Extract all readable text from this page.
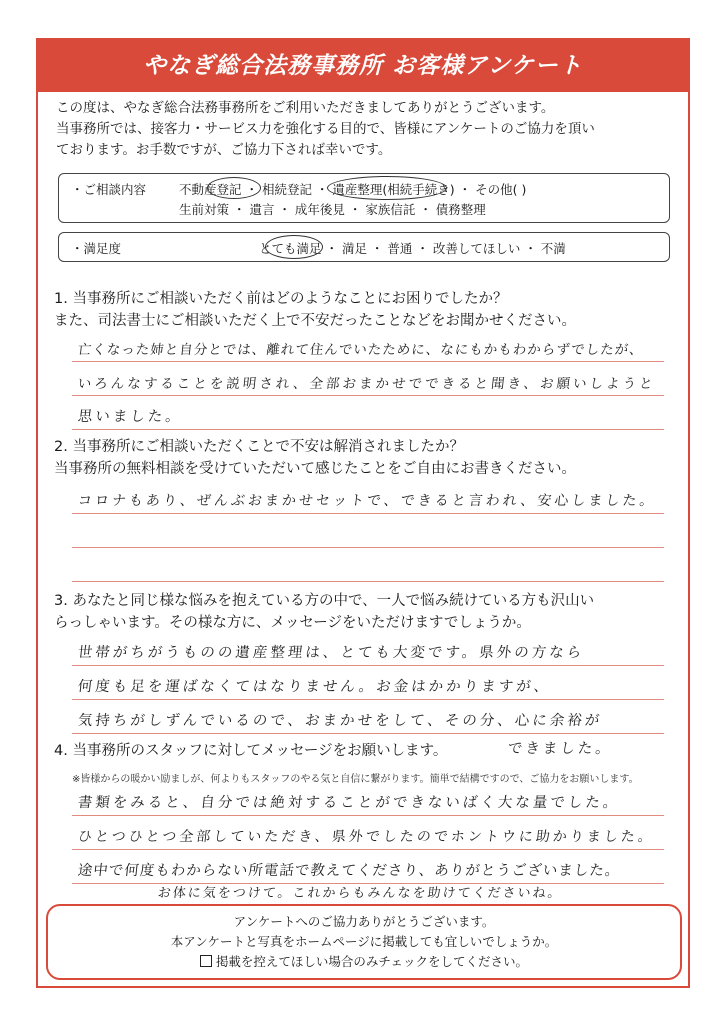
やなぎ総合法務事務所 お客様アンケート
この度は、やなぎ総合法務事務所をご利用いただきましてありがとうございます。
当事務所では、接客力・サービス力を強化する目的で、皆様にアンケートのご協力を頂い
ております。お手数ですが、ご協力下されば幸いです。
・ご相談内容	不動産登記 ・ 相続登記 ・ 遺産整理(相続手続き) ・ その他( )
生前対策 ・ 遺言 ・ 成年後見 ・ 家族信託 ・ 債務整理
・満足度	とても満足 ・ 満足 ・ 普通 ・ 改善してほしい ・ 不満
1. 当事務所にご相談いただく前はどのようなことにお困りでしたか？
また、司法書士にご相談いただく上で不安だったことなどをお聞かせください。
亡くなった姉と自分とでは、離れて住んでいたために、なにもかもわからずでしたが、
いろんなすることを説明され、全部おまかせでできると聞き、お願いしようと
思いました。
2. 当事務所にご相談いただくことで不安は解消されましたか？
当事務所の無料相談を受けていただいて感じたことをご自由にお書きください。
コロナもあり、ぜんぶおまかせセットで、できると言われ、安心しました。
3. あなたと同じ様な悩みを抱えている方の中で、一人で悩み続けている方も沢山い
らっしゃいます。その様な方に、メッセージをいただけますでしょうか。
世帯がちがうものの遺産整理は、とても大変です。県外の方なら
何度も足を運ばなくてはなりません。お金はかかりますが、
気持ちがしずんでいるので、おまかせをして、その分、心に余裕が
できました。
4. 当事務所のスタッフに対してメッセージをお願いします。
※皆様からの暖かい励ましが、何よりもスタッフのやる気と自信に繋がります。簡単で結構ですので、ご協力をお願いします。
書類をみると、自分では絶対することができないばく大な量でした。
ひとつひとつ全部していただき、県外でしたのでホントウに助かりました。
途中で何度もわからない所電話で教えてくださり、ありがとうございました。
お体に気をつけて。これからもみんなを助けてくださいね。
アンケートへのご協力ありがとうございます。
本アンケートと写真をホームページに掲載しても宜しいでしょうか。
掲載を控えてほしい場合のみチェックをしてください。
